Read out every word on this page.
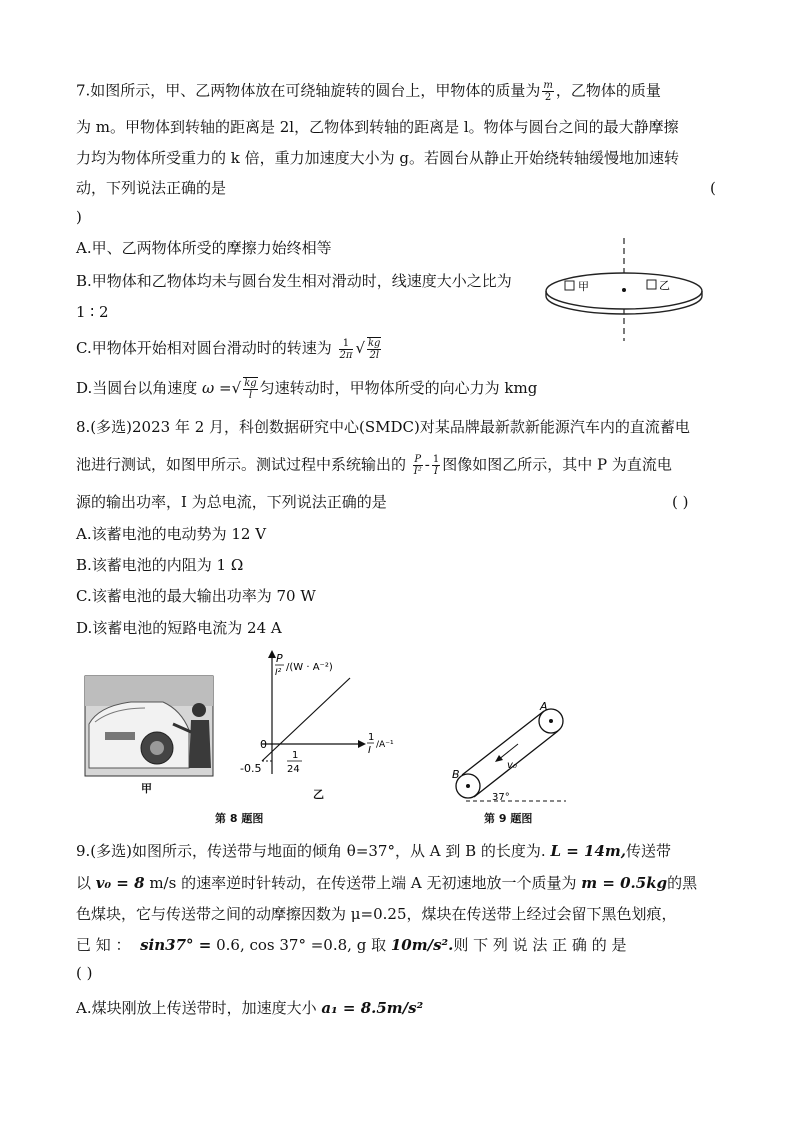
7.如图所示，甲、乙两物体放在可绕轴旋转的圆台上，甲物体的质量为 $\frac{m}{2}$ ，乙物体的质量
为 m。甲物体到转轴的距离是 2l，乙物体到转轴的距离是 l。物体与圆台之间的最大静摩擦
力均为物体所受重力的 k 倍，重力加速度大小为 g。若圆台从静止开始绕转轴缓慢地加速转
动，下列说法正确的是	(
)
A.甲、乙两物体所受的摩擦力始终相等
B.甲物体和乙物体均未与圆台发生相对滑动时，线速度大小之比为
1 ∶ 2
C.甲物体开始相对圆台滑动时的转速为 $\frac{1}{2\pi}$ √ $\frac{kg}{2l}$
D.当圆台以角速度 ω =√ $\frac{kg}{l}$ 匀速转动时，甲物体所受的向心力为 kmg
甲	乙
8.(多选)2023 年 2 月，科创数据研究中心(SMDC)对某品牌最新款新能源汽车内的直流蓄电
池进行测试，如图甲所示。测试过程中系统输出的 $\frac{P}{\text{I²}} - \frac{1}{I}$ 图像如图乙所示，其中 P 为直流电
源的输出功率，I 为总电流，下列说法正确的是	( )
A.该蓄电池的电动势为 12 V
B.该蓄电池的内阻为 1 Ω
C.该蓄电池的最大输出功率为 70 W
D.该蓄电池的短路电流为 24 A
甲
P
I² /(W · A⁻²)
1
I /A⁻¹
0
-0.5
1
24
乙
v₀
A
B
37°
第 8 题图	第 9 题图
9.(多选)如图所示，传送带与地面的倾角 θ=37°，从 A 到 B 的长度为. L = 14m,传送带
以 v₀ = 8 m/s 的速率逆时针转动，在传送带上端 A 无初速地放一个质量为 m = 0.5kg的黑
色煤块，它与传送带之间的动摩擦因数为 μ=0.25，煤块在传送带上经过会留下黑色划痕，
已 知 ： sin37° = 0.6, cos 37° =0.8, g 取 10m/s².则 下 列 说 法 正 确 的 是
( )
A.煤块刚放上传送带时，加速度大小 a₁ = 8.5m/s²
